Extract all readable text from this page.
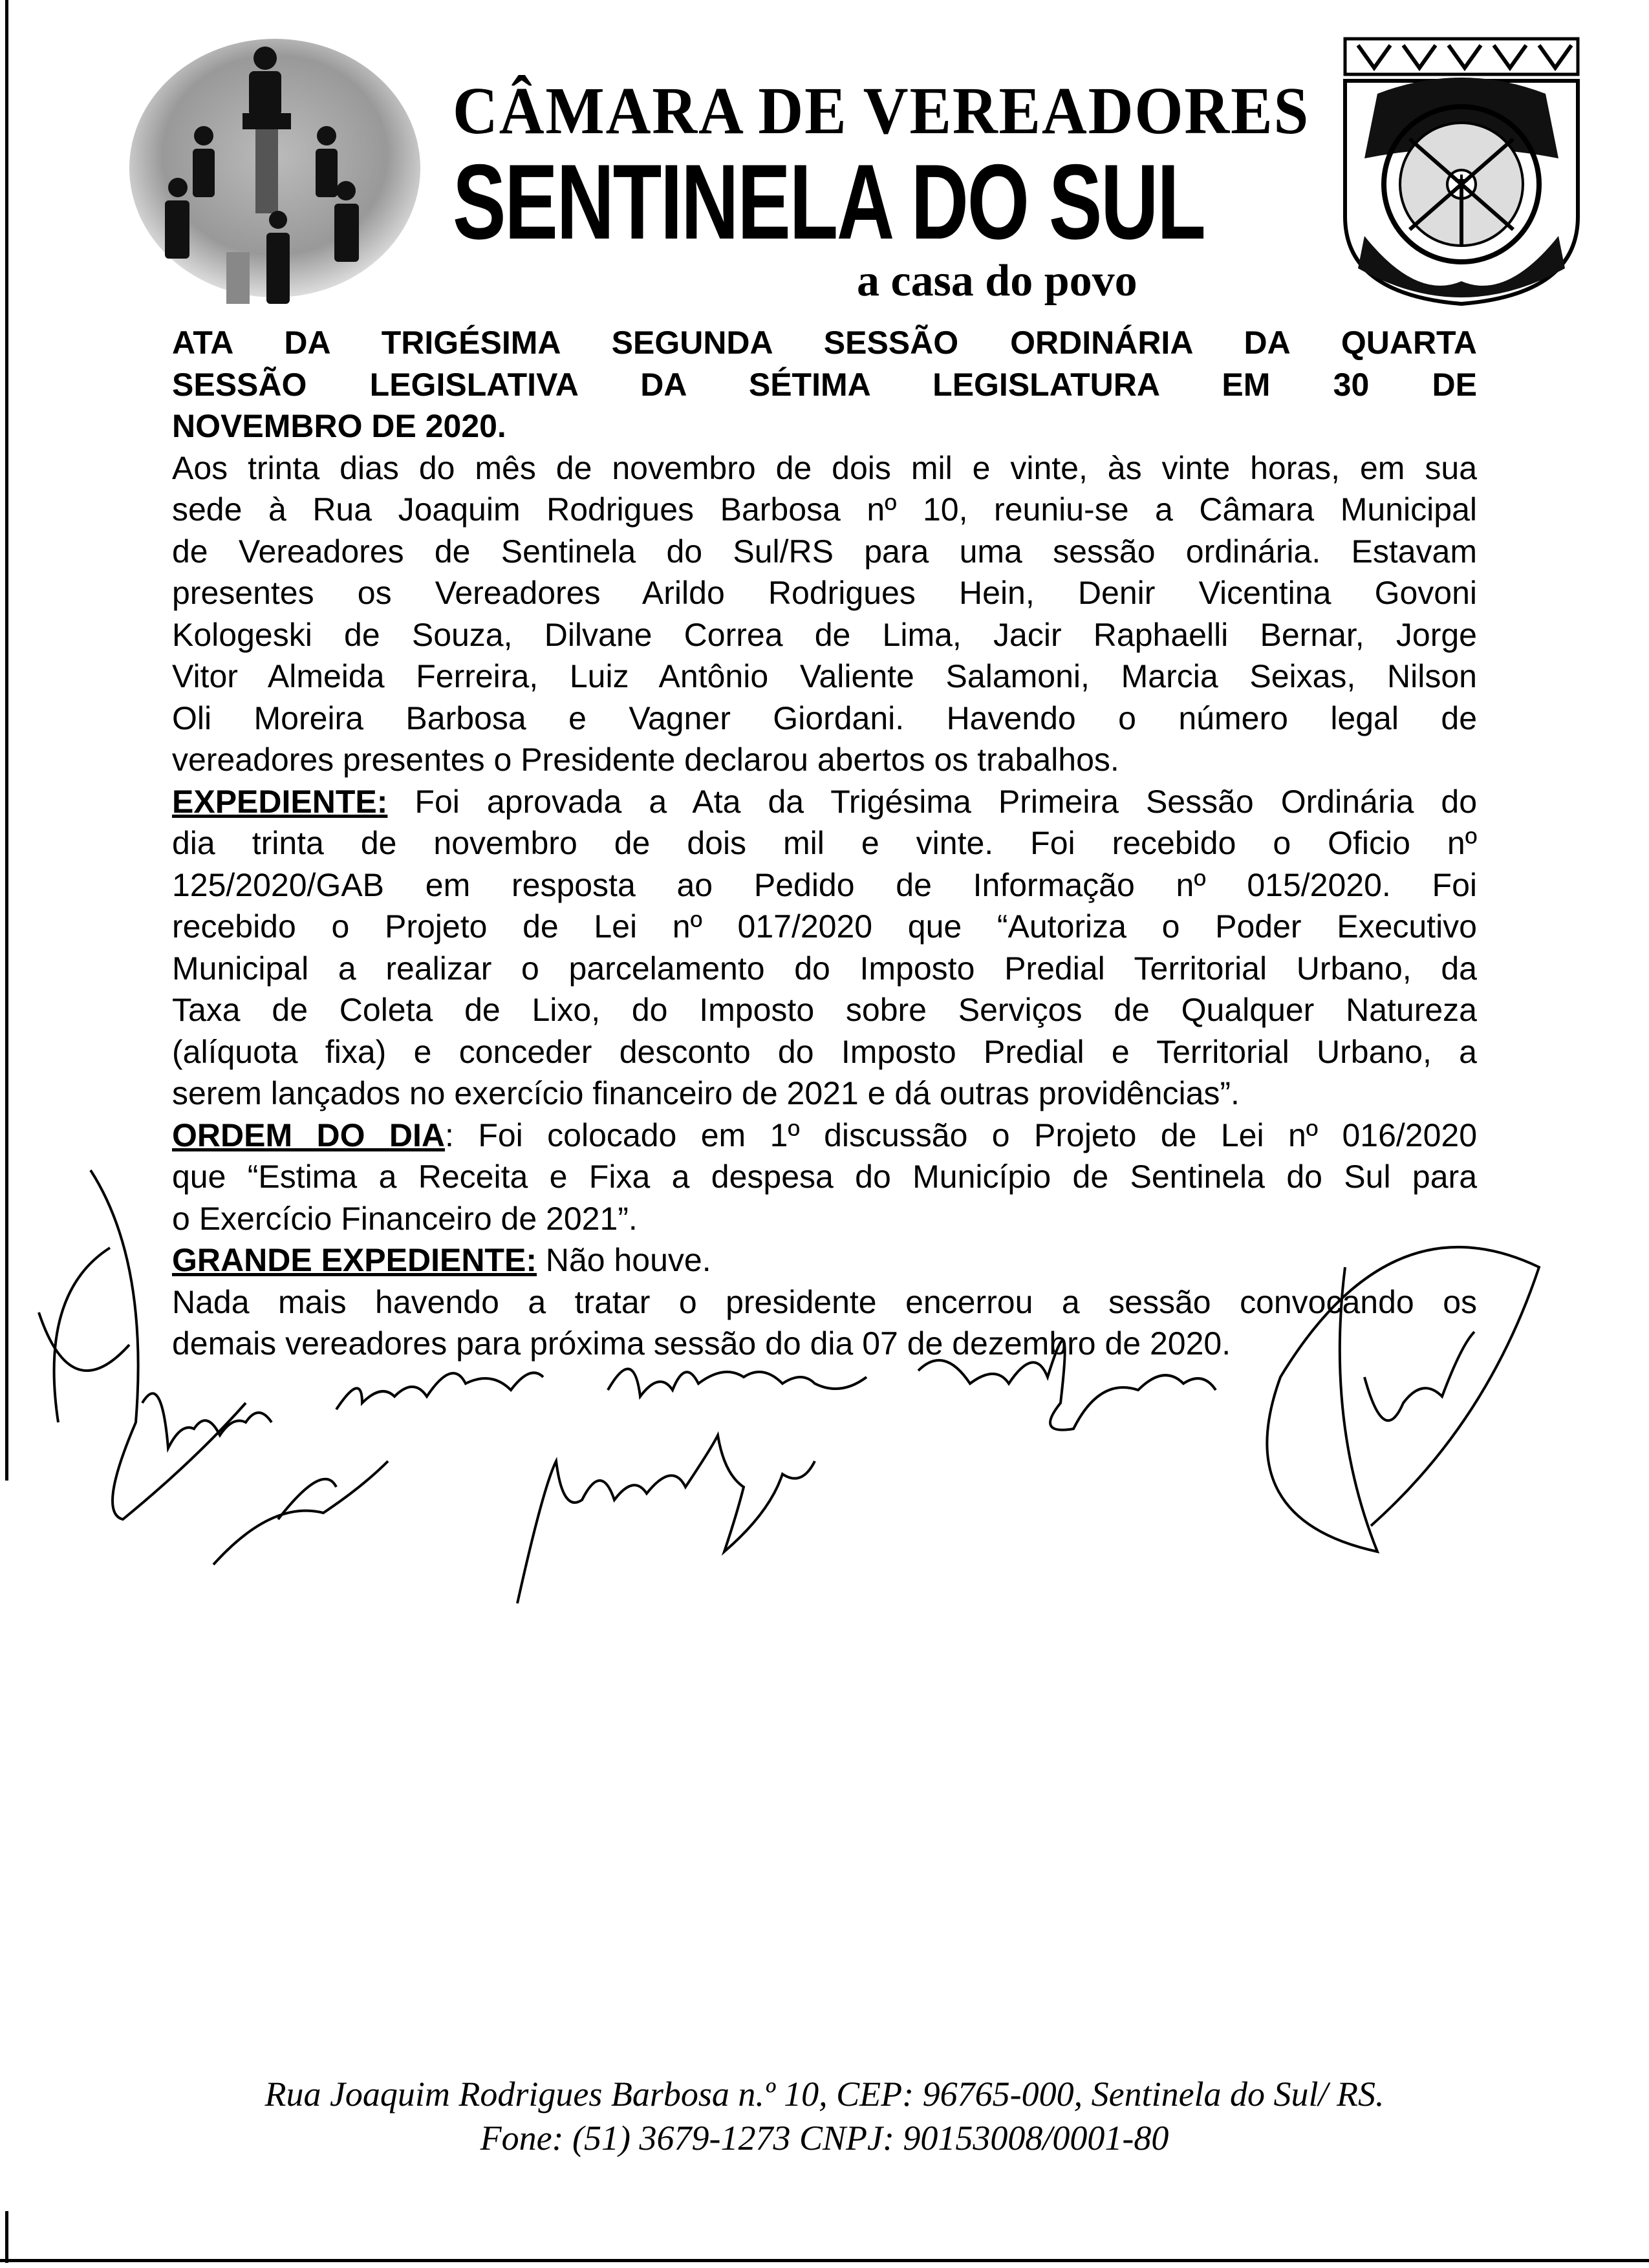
CÂMARA DE VEREADORES
SENTINELA DO SUL
a casa do povo
ATA DA TRIGÉSIMA SEGUNDA SESSÃO ORDINÁRIA DA QUARTA
SESSÃO LEGISLATIVA DA SÉTIMA LEGISLATURA EM 30 DE
NOVEMBRO DE 2020.
Aos trinta dias do mês de novembro de dois mil e vinte, às vinte horas, em sua
sede à Rua Joaquim Rodrigues Barbosa nº 10, reuniu-se a Câmara Municipal
de Vereadores de Sentinela do Sul/RS para uma sessão ordinária. Estavam
presentes os Vereadores Arildo Rodrigues Hein, Denir Vicentina Govoni
Kologeski de Souza, Dilvane Correa de Lima, Jacir Raphaelli Bernar, Jorge
Vitor Almeida Ferreira, Luiz Antônio Valiente Salamoni, Marcia Seixas, Nilson
Oli Moreira Barbosa e Vagner Giordani. Havendo o número legal de
vereadores presentes o Presidente declarou abertos os trabalhos.
EXPEDIENTE: Foi aprovada a Ata da Trigésima Primeira Sessão Ordinária do
dia trinta de novembro de dois mil e vinte. Foi recebido o Oficio nº
125/2020/GAB em resposta ao Pedido de Informação nº 015/2020. Foi
recebido o Projeto de Lei nº 017/2020 que “Autoriza o Poder Executivo
Municipal a realizar o parcelamento do Imposto Predial Territorial Urbano, da
Taxa de Coleta de Lixo, do Imposto sobre Serviços de Qualquer Natureza
(alíquota fixa) e conceder desconto do Imposto Predial e Territorial Urbano, a
serem lançados no exercício financeiro de 2021 e dá outras providências”.
ORDEM DO DIA: Foi colocado em 1º discussão o Projeto de Lei nº 016/2020
que “Estima a Receita e Fixa a despesa do Município de Sentinela do Sul para
o Exercício Financeiro de 2021”.
GRANDE EXPEDIENTE: Não houve.
Nada mais havendo a tratar o presidente encerrou a sessão convocando os
demais vereadores para próxima sessão do dia 07 de dezembro de 2020.
Rua Joaquim Rodrigues Barbosa n.º 10, CEP: 96765-000, Sentinela do Sul/ RS.
Fone: (51) 3679-1273 CNPJ: 90153008/0001-80
